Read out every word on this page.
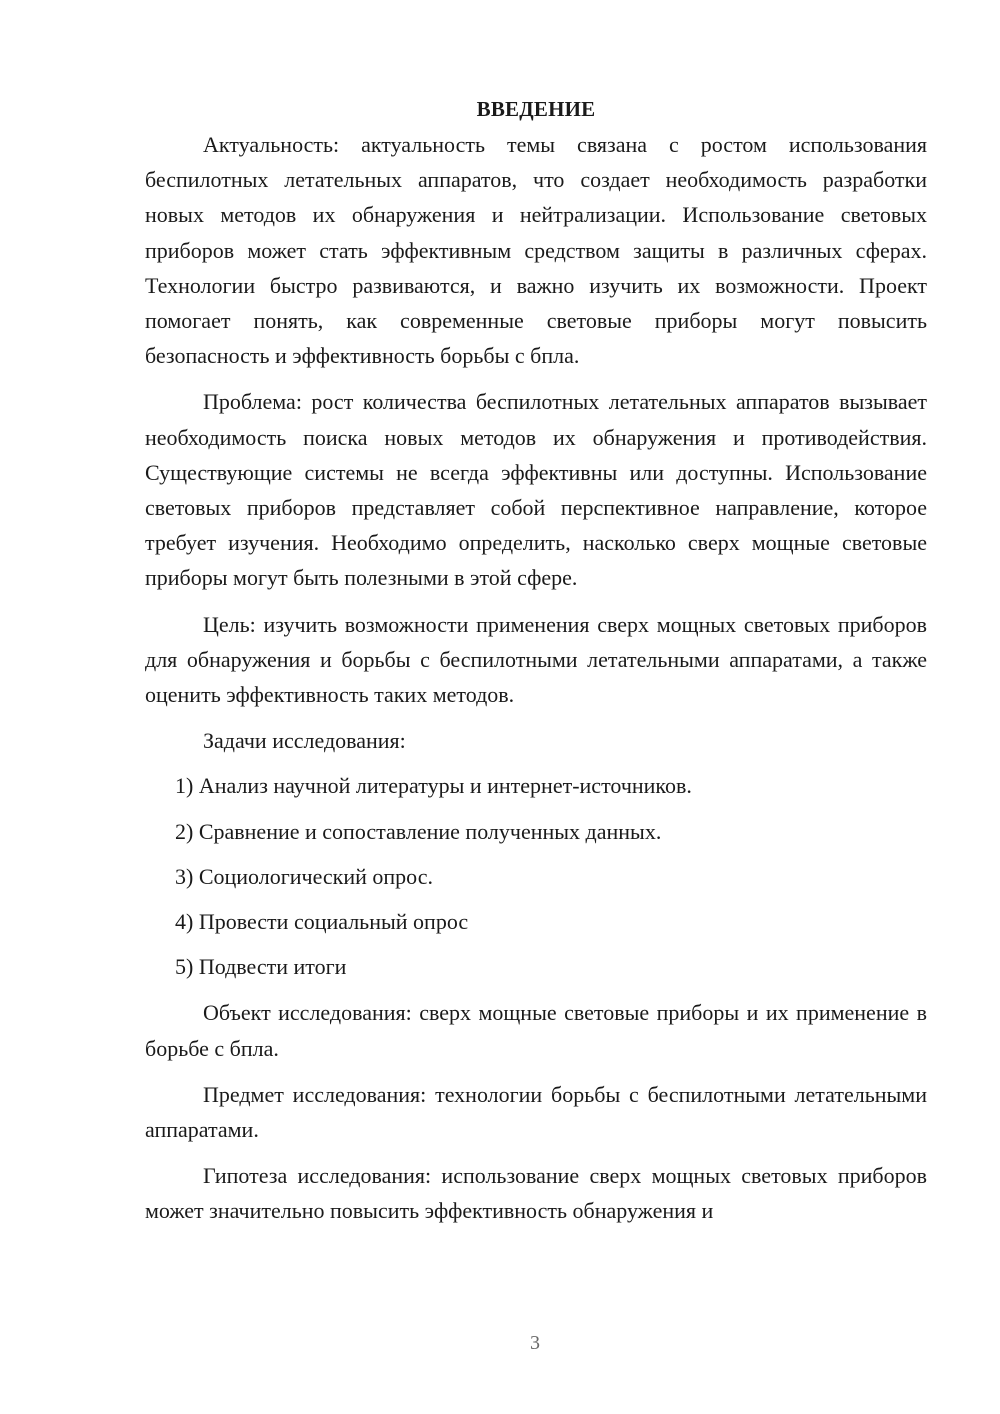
ВВЕДЕНИЕ

Актуальность: актуальность темы связана с ростом использования беспилотных летательных аппаратов, что создает необходимость разработки новых методов их обнаружения и нейтрализации. Использование световых приборов может стать эффективным средством защиты в различных сферах. Технологии быстро развиваются, и важно изучить их возможности. Проект помогает понять, как современные световые приборы могут повысить безопасность и эффективность борьбы с бпла.

Проблема: рост количества беспилотных летательных аппаратов вызывает необходимость поиска новых методов их обнаружения и противодействия. Существующие системы не всегда эффективны или доступны. Использование световых приборов представляет собой перспективное направление, которое требует изучения. Необходимо определить, насколько сверх мощные световые приборы могут быть полезными в этой сфере.

Цель: изучить возможности применения сверх мощных световых приборов для обнаружения и борьбы с беспилотными летательными аппаратами, а также оценить эффективность таких методов.

Задачи исследования:

1) Анализ научной литературы и интернет-источников.

2) Сравнение и сопоставление полученных данных.

3) Социологический опрос.

4) Провести социальный опрос

5) Подвести итоги

Объект исследования: сверх мощные световые приборы и их применение в борьбе с бпла.

Предмет исследования: технологии борьбы с беспилотными летательными аппаратами.

Гипотеза исследования: использование сверх мощных световых приборов может значительно повысить эффективность обнаружения и

3
